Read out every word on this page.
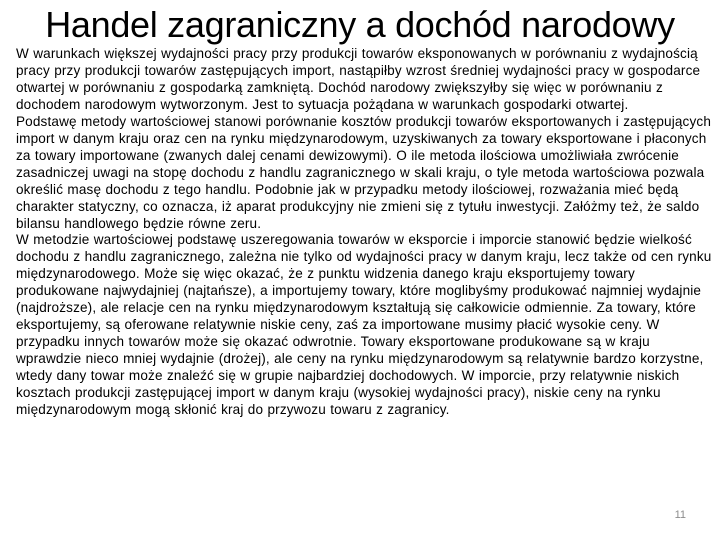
Handel zagraniczny a dochód narodowy

W warunkach większej wydajności pracy przy produkcji towarów eksponowanych w porównaniu z wydajnością pracy przy produkcji towarów zastępujących import, nastąpiłby wzrost średniej wydajności pracy w gospodarce otwartej w porównaniu z gospodarką zamkniętą. Dochód narodowy zwiększyłby się więc w porównaniu z dochodem narodowym wytworzonym. Jest to sytuacja pożądana w warunkach gospodarki otwartej.

Podstawę metody wartościowej stanowi porównanie kosztów produkcji towarów eksportowanych i zastępujących import w danym kraju oraz cen na rynku międzynarodowym, uzyskiwanych za towary eksportowane i płaconych za towary importowane (zwanych dalej cenami dewizowymi). O ile metoda ilościowa umożliwiała zwrócenie zasadniczej uwagi na stopę dochodu z handlu zagranicznego w skali kraju, o tyle metoda wartościowa pozwala określić masę dochodu z tego handlu. Podobnie jak w przypadku metody ilościowej, rozważania mieć będą charakter statyczny, co oznacza, iż aparat produkcyjny nie zmieni się z tytułu inwestycji. Załóżmy też, że saldo bilansu handlowego będzie równe zeru.

W metodzie wartościowej podstawę uszeregowania towarów w eksporcie i imporcie stanowić będzie wielkość dochodu z handlu zagranicznego, zależna nie tylko od wydajności pracy w danym kraju, lecz także od cen rynku międzynarodowego. Może się więc okazać, że z punktu widzenia danego kraju eksportujemy towary produkowane najwydajniej (najtańsze), a importujemy towary, które moglibyśmy produkować najmniej wydajnie (najdroższe), ale relacje cen na rynku międzynarodowym kształtują się całkowicie odmiennie. Za towary, które eksportujemy, są oferowane relatywnie niskie ceny, zaś za importowane musimy płacić wysokie ceny. W przypadku innych towarów może się okazać odwrotnie. Towary eksportowane produkowane są w kraju wprawdzie nieco mniej wydajnie (drożej), ale ceny na rynku międzynarodowym są relatywnie bardzo korzystne, wtedy dany towar może znaleźć się w grupie najbardziej dochodowych. W imporcie, przy relatywnie niskich kosztach produkcji zastępującej import w danym kraju (wysokiej wydajności pracy), niskie ceny na rynku międzynarodowym mogą skłonić kraj do przywozu towaru z zagranicy.

11
